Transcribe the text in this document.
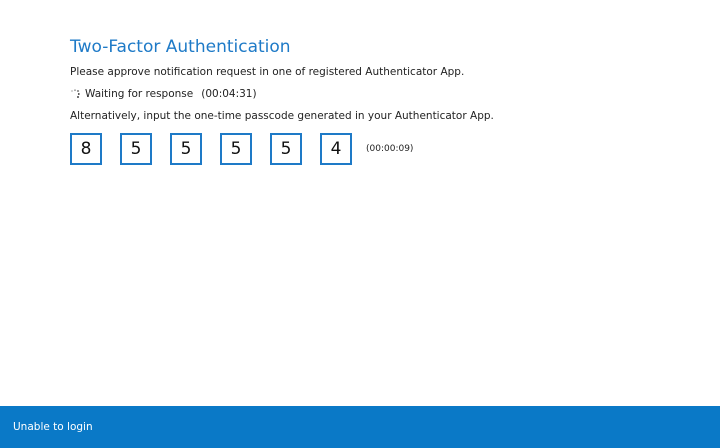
Two-Factor Authentication
Please approve notification request in one of registered Authenticator App.
Waiting for response (00:04:31)
Alternatively, input the one-time passcode generated in your Authenticator App.
8	5	5	5	5	4	(00:00:09)
Unable to login
